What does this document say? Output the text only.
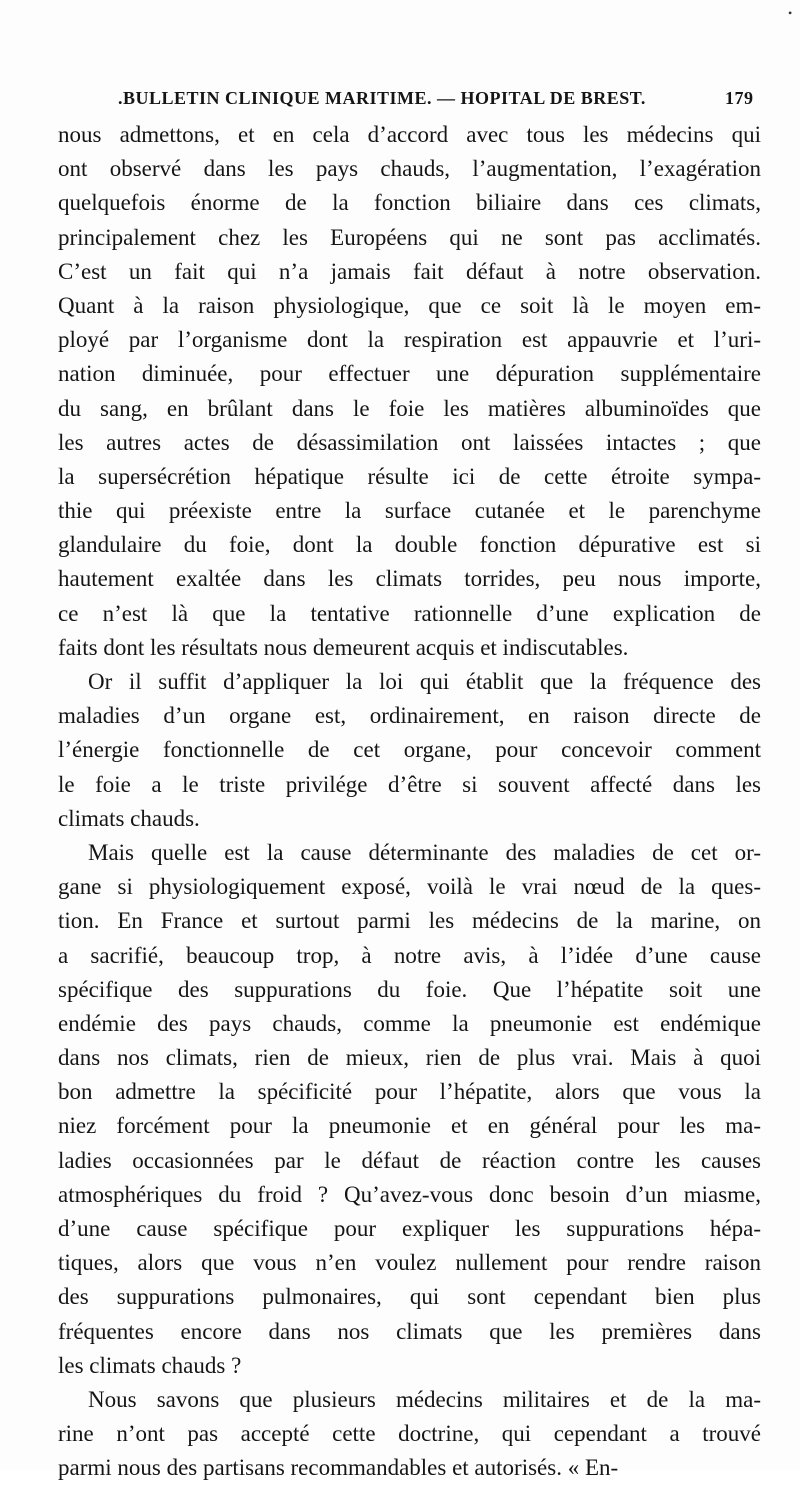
•
.BULLETIN CLINIQUE MARITIME. — HOPITAL DE BREST.	179
nous admettons, et en cela d’accord avec tous les médecins qui
ont observé dans les pays chauds, l’augmentation, l’exagération
quelquefois énorme de la fonction biliaire dans ces climats,
principalement chez les Européens qui ne sont pas acclimatés.
C’est un fait qui n’a jamais fait défaut à notre observation.
Quant à la raison physiologique, que ce soit là le moyen em-
ployé par l’organisme dont la respiration est appauvrie et l’uri-
nation diminuée, pour effectuer une dépuration supplémentaire
du sang, en brûlant dans le foie les matières albuminoïdes que
les autres actes de désassimilation ont laissées intactes ; que
la supersécrétion hépatique résulte ici de cette étroite sympa-
thie qui préexiste entre la surface cutanée et le parenchyme
glandulaire du foie, dont la double fonction dépurative est si
hautement exaltée dans les climats torrides, peu nous importe,
ce n’est là que la tentative rationnelle d’une explication de
faits dont les résultats nous demeurent acquis et indiscutables.
Or il suffit d’appliquer la loi qui établit que la fréquence des
maladies d’un organe est, ordinairement, en raison directe de
l’énergie fonctionnelle de cet organe, pour concevoir comment
le foie a le triste privilége d’être si souvent affecté dans les
climats chauds.
Mais quelle est la cause déterminante des maladies de cet or-
gane si physiologiquement exposé, voilà le vrai nœud de la ques-
tion. En France et surtout parmi les médecins de la marine, on
a sacrifié, beaucoup trop, à notre avis, à l’idée d’une cause
spécifique des suppurations du foie. Que l’hépatite soit une
endémie des pays chauds, comme la pneumonie est endémique
dans nos climats, rien de mieux, rien de plus vrai. Mais à quoi
bon admettre la spécificité pour l’hépatite, alors que vous la
niez forcément pour la pneumonie et en général pour les ma-
ladies occasionnées par le défaut de réaction contre les causes
atmosphériques du froid ? Qu’avez-vous donc besoin d’un miasme,
d’une cause spécifique pour expliquer les suppurations hépa-
tiques, alors que vous n’en voulez nullement pour rendre raison
des suppurations pulmonaires, qui sont cependant bien plus
fréquentes encore dans nos climats que les premières dans
les climats chauds ?
Nous savons que plusieurs médecins militaires et de la ma-
rine n’ont pas accepté cette doctrine, qui cependant a trouvé
parmi nous des partisans recommandables et autorisés. « En-
